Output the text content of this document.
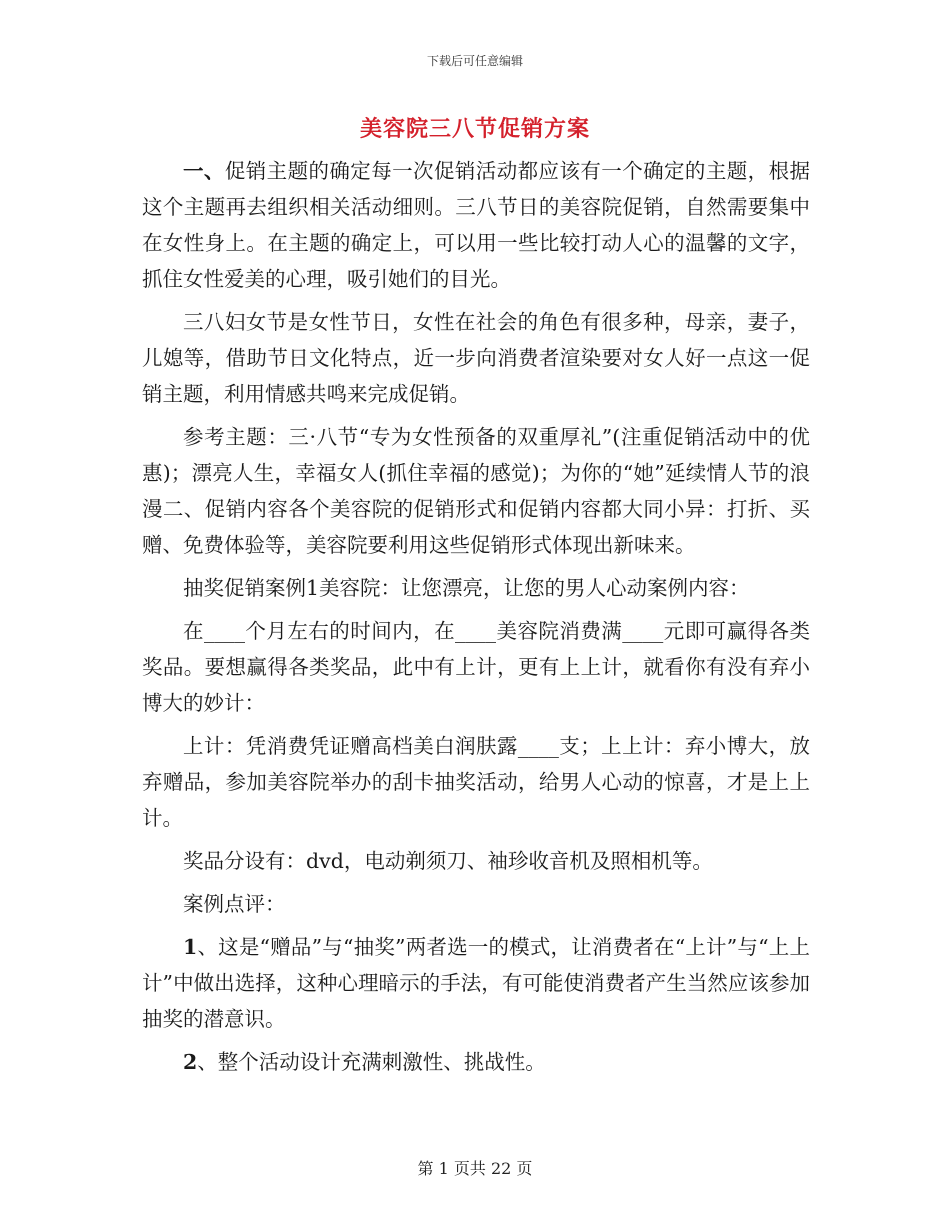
下载后可任意编辑
美容院三八节促销方案

一、促销主题的确定每一次促销活动都应该有一个确定的主题，根据这个主题再去组织相关活动细则。三八节日的美容院促销，自然需要集中在女性身上。在主题的确定上，可以用一些比较打动人心的温馨的文字，抓住女性爱美的心理，吸引她们的目光。

三八妇女节是女性节日，女性在社会的角色有很多种，母亲，妻子，儿媳等，借助节日文化特点，近一步向消费者渲染要对女人好一点这一促销主题，利用情感共鸣来完成促销。

参考主题：三·八节“专为女性预备的双重厚礼”(注重促销活动中的优惠)；漂亮人生，幸福女人(抓住幸福的感觉)；为你的“她”延续情人节的浪漫二、促销内容各个美容院的促销形式和促销内容都大同小异：打折、买赠、免费体验等，美容院要利用这些促销形式体现出新味来。

抽奖促销案例1美容院：让您漂亮，让您的男人心动案例内容：

在____个月左右的时间内，在____美容院消费满____元即可赢得各类奖品。要想赢得各类奖品，此中有上计，更有上上计，就看你有没有弃小博大的妙计：

上计：凭消费凭证赠高档美白润肤露____支；上上计：弃小博大，放弃赠品，参加美容院举办的刮卡抽奖活动，给男人心动的惊喜，才是上上计。

奖品分设有：dvd，电动剃须刀、袖珍收音机及照相机等。

案例点评：

1、这是“赠品”与“抽奖”两者选一的模式，让消费者在“上计”与“上上计”中做出选择，这种心理暗示的手法，有可能使消费者产生当然应该参加抽奖的潜意识。

2、整个活动设计充满刺激性、挑战性。

第 1 页共 22 页
